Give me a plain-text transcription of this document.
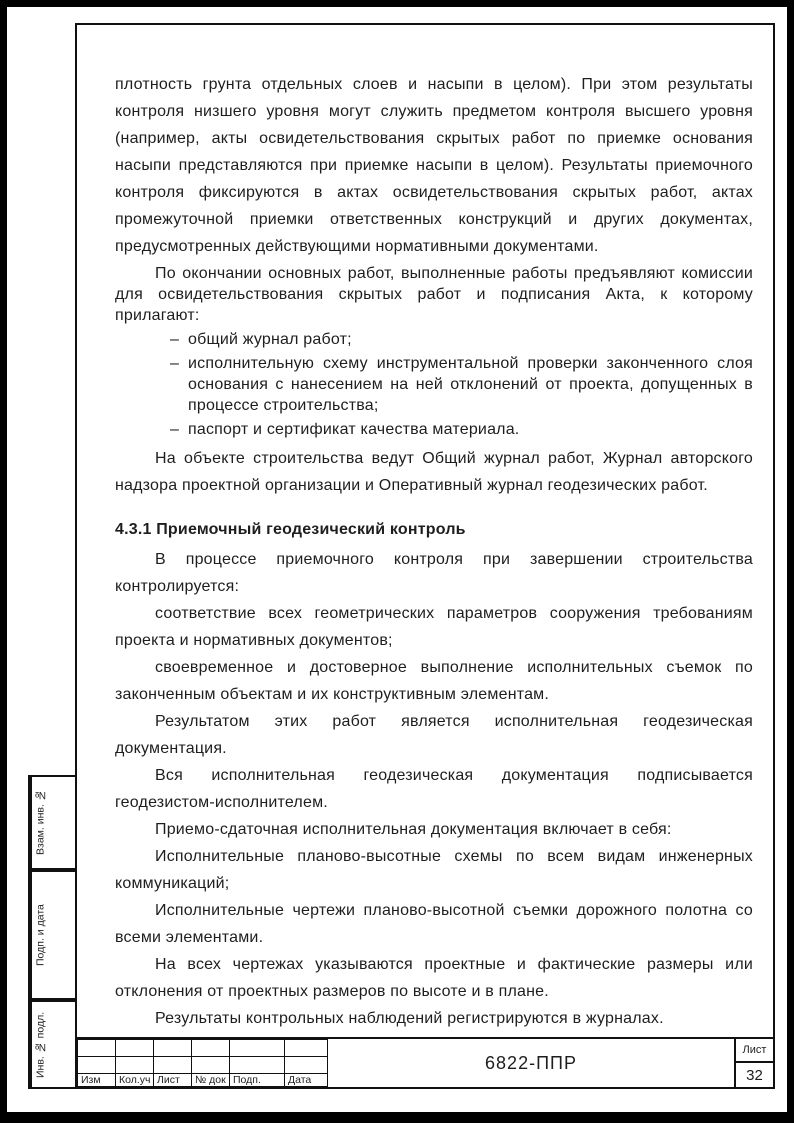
плотность грунта отдельных слоев и насыпи в целом). При этом результаты контроля низшего уровня могут служить предметом контроля высшего уровня (например, акты освидетельствования скрытых работ по приемке основания насыпи представляются при приемке насыпи в целом). Результаты приемочного контроля фиксируются в актах освидетельствования скрытых работ, актах промежуточной приемки ответственных конструкций и других документах, предусмотренных действующими нормативными документами.

По окончании основных работ, выполненные работы предъявляют комиссии для освидетельствования скрытых работ и подписания Акта, к которому прилагают:

– общий журнал работ;
– исполнительную схему инструментальной проверки законченного слоя основания с нанесением на ней отклонений от проекта, допущенных в процессе строительства;
– паспорт и сертификат качества материала.

На объекте строительства ведут Общий журнал работ, Журнал авторского надзора проектной организации и Оперативный журнал геодезических работ.

4.3.1 Приемочный геодезический контроль

В процессе приемочного контроля при завершении строительства контролируется:

соответствие всех геометрических параметров сооружения требованиям проекта и нормативных документов;

своевременное и достоверное выполнение исполнительных съемок по законченным объектам и их конструктивным элементам.

Результатом этих работ является исполнительная геодезическая документация.

Вся исполнительная геодезическая документация подписывается геодезистом-исполнителем.

Приемо-сдаточная исполнительная документация включает в себя:

Исполнительные планово-высотные схемы по всем видам инженерных коммуникаций;

Исполнительные чертежи планово-высотной съемки дорожного полотна со всеми элементами.

На всех чертежах указываются проектные и фактические размеры или отклонения от проектных размеров по высоте и в плане.

Результаты контрольных наблюдений регистрируются в журналах.

Взам. инв. №
Подп. и дата
Инв. № подл.

Изм	Кол.уч	Лист	№ док	Подп.	Дата
6822-ППР
Лист
32
